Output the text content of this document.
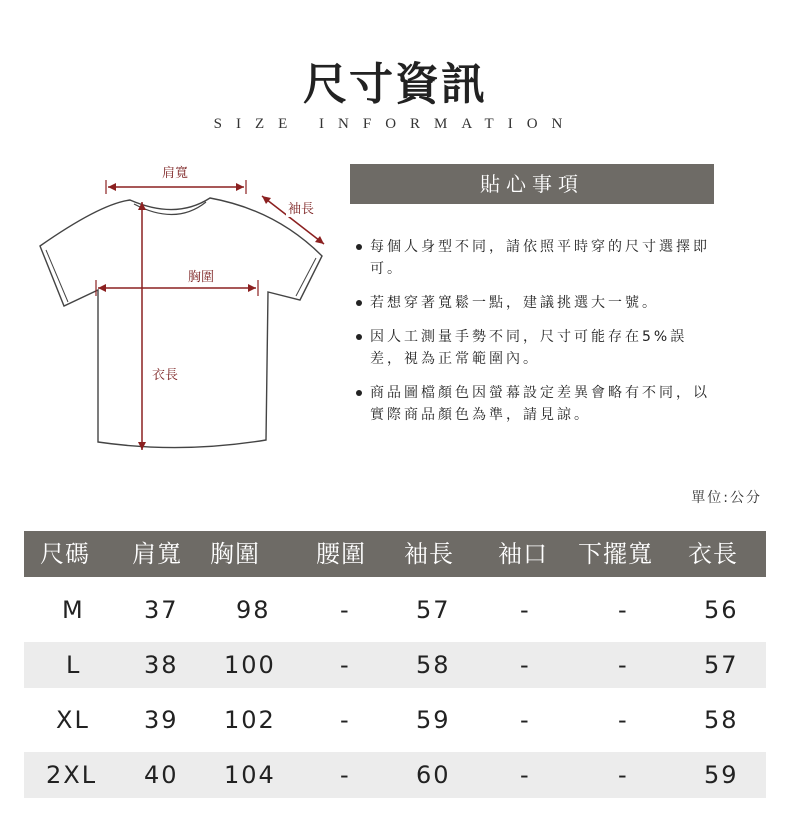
尺寸資訊
SIZE INFORMATION
肩寬
袖長
胸圍
衣長
貼心事項
每個人身型不同，請依照平時穿的尺寸選擇即可。
若想穿著寬鬆一點，建議挑選大一號。
因人工測量手勢不同，尺寸可能存在5%誤差，視為正常範圍內。
商品圖檔顏色因螢幕設定差異會略有不同，以實際商品顏色為準，請見諒。
單位:公分
尺碼 肩寬 胸圍 腰圍 袖長 袖口 下擺寬 衣長
M 37 98	-	57	-	-	56
L	38 100	-	58	-	-	57
XL 39 102	-	59	-	-	58
2XL 40 104	-	60	-	-	59
